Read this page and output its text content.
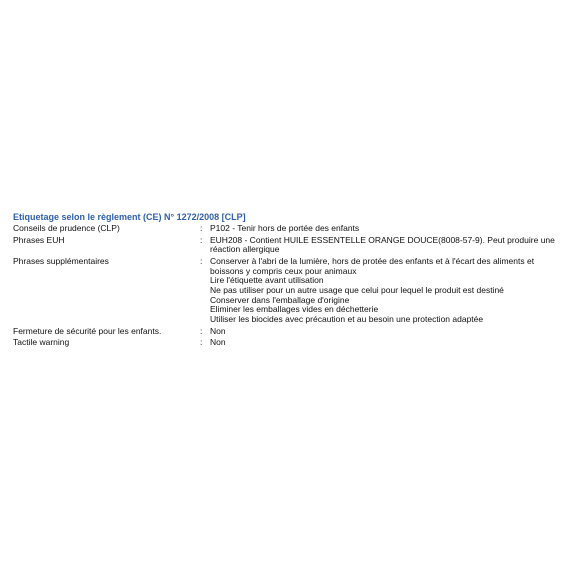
Etiquetage selon le règlement (CE) N° 1272/2008 [CLP]
Conseils de prudence (CLP)	: P102 - Tenir hors de portée des enfants
Phrases EUH	: EUH208 - Contient HUILE ESSENTELLE ORANGE DOUCE(8008-57-9). Peut produire une
réaction allergique
Phrases supplémentaires	: Conserver à l'abri de la lumière, hors de protée des enfants et à l'écart des aliments et
boissons y compris ceux pour animaux
Lire l'étiquette avant utilisation
Ne pas utiliser pour un autre usage que celui pour lequel le produit est destiné
Conserver dans l'emballage d'origine
Eliminer les emballages vides en déchetterie
Utiliser les biocides avec précaution et au besoin une protection adaptée
Fermeture de sécurité pour les enfants.	: Non
Tactile warning	: Non
